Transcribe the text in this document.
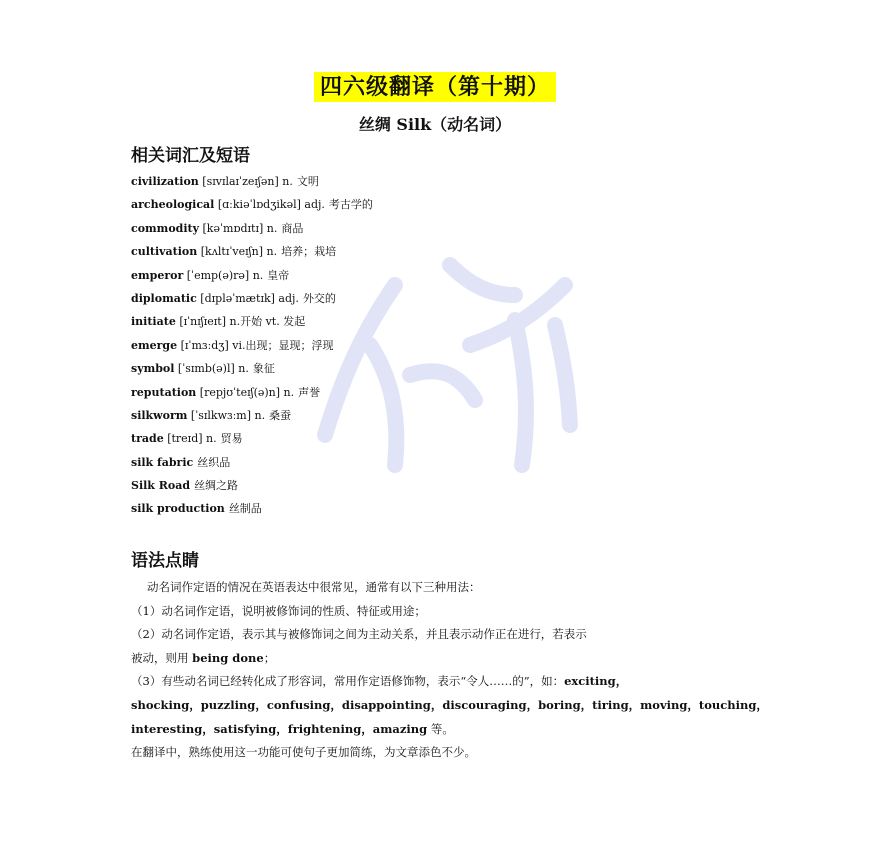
四六级翻译（第十期）
丝绸 Silk（动名词）
相关词汇及短语
civilization [sɪvɪlaɪˈzeɪʃən] n. 文明
archeological [ɑːkiəˈlɒdʒikəl] adj. 考古学的
commodity [kəˈmɒdɪtɪ] n. 商品
cultivation [kʌltɪˈveɪʃn] n. 培养；栽培
emperor [ˈemp(ə)rə] n. 皇帝
diplomatic [dɪpləˈmætɪk] adj. 外交的
initiate [ɪˈnɪʃɪeɪt] n.开始 vt. 发起
emerge [ɪˈmɜːdʒ] vi.出现；显现；浮现
symbol [ˈsɪmb(ə)l] n. 象征
reputation [repjʊˈteɪʃ(ə)n] n. 声誉
silkworm [ˈsɪlkwɜːm] n. 桑蚕
trade [treɪd] n. 贸易
silk fabric 丝织品
Silk Road 丝绸之路
silk production 丝制品
语法点睛

动名词作定语的情况在英语表达中很常见，通常有以下三种用法：

（1）动名词作定语，说明被修饰词的性质、特征或用途；

（2）动名词作定语，表示其与被修饰词之间为主动关系，并且表示动作正在进行，若表示

被动，则用 being done；

（3）有些动名词已经转化成了形容词，常用作定语修饰物，表示“令人……的”，如：exciting，

shocking，puzzling，confusing，disappointing，discouraging，boring，tiring，moving，touching，

interesting，satisfying，frightening，amazing 等。

在翻译中，熟练使用这一功能可使句子更加简练，为文章添色不少。
